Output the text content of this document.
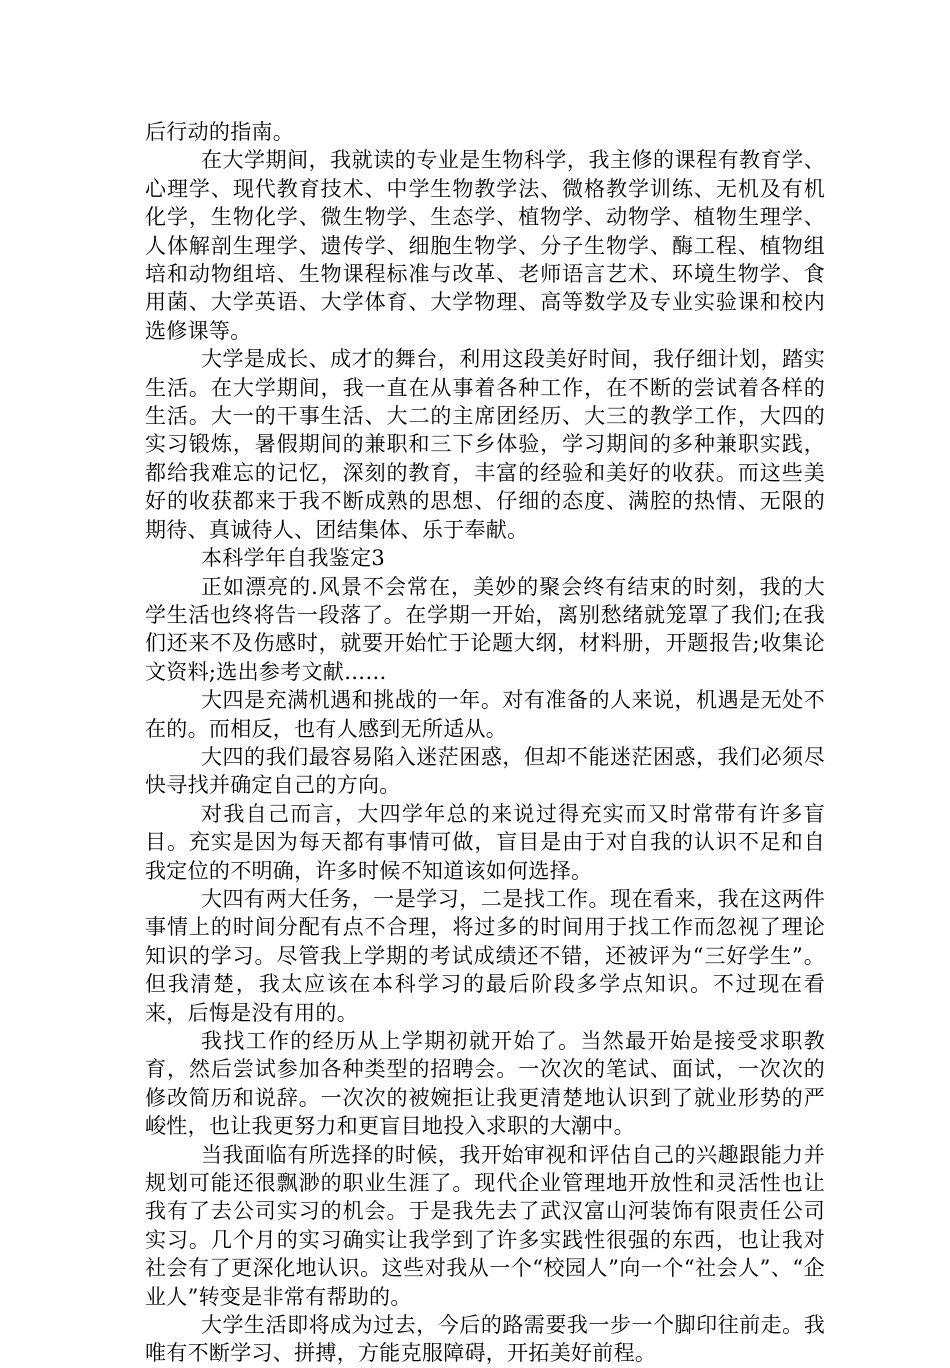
后行动的指南。

在大学期间，我就读的专业是生物科学，我主修的课程有教育学、心理学、现代教育技术、中学生物教学法、微格教学训练、无机及有机化学，生物化学、微生物学、生态学、植物学、动物学、植物生理学、人体解剖生理学、遗传学、细胞生物学、分子生物学、酶工程、植物组培和动物组培、生物课程标准与改革、老师语言艺术、环境生物学、食用菌、大学英语、大学体育、大学物理、高等数学及专业实验课和校内选修课等。

大学是成长、成才的舞台，利用这段美好时间，我仔细计划，踏实生活。在大学期间，我一直在从事着各种工作，在不断的尝试着各样的生活。大一的干事生活、大二的主席团经历、大三的教学工作，大四的实习锻炼，暑假期间的兼职和三下乡体验，学习期间的多种兼职实践，都给我难忘的记忆，深刻的教育，丰富的经验和美好的收获。而这些美好的收获都来于我不断成熟的思想、仔细的态度、满腔的热情、无限的期待、真诚待人、团结集体、乐于奉献。

本科学年自我鉴定3

正如漂亮的.风景不会常在，美妙的聚会终有结束的时刻，我的大学生活也终将告一段落了。在学期一开始，离别愁绪就笼罩了我们;在我们还来不及伤感时，就要开始忙于论题大纲，材料册，开题报告;收集论文资料;选出参考文献……

大四是充满机遇和挑战的一年。对有准备的人来说，机遇是无处不在的。而相反，也有人感到无所适从。

大四的我们最容易陷入迷茫困惑，但却不能迷茫困惑，我们必须尽快寻找并确定自己的方向。

对我自己而言，大四学年总的来说过得充实而又时常带有许多盲目。充实是因为每天都有事情可做，盲目是由于对自我的认识不足和自我定位的不明确，许多时候不知道该如何选择。

大四有两大任务，一是学习，二是找工作。现在看来，我在这两件事情上的时间分配有点不合理，将过多的时间用于找工作而忽视了理论知识的学习。尽管我上学期的考试成绩还不错，还被评为“三好学生”。但我清楚，我太应该在本科学习的最后阶段多学点知识。不过现在看来，后悔是没有用的。

我找工作的经历从上学期初就开始了。当然最开始是接受求职教育，然后尝试参加各种类型的招聘会。一次次的笔试、面试，一次次的修改简历和说辞。一次次的被婉拒让我更清楚地认识到了就业形势的严峻性，也让我更努力和更盲目地投入求职的大潮中。

当我面临有所选择的时候，我开始审视和评估自己的兴趣跟能力并规划可能还很飘渺的职业生涯了。现代企业管理地开放性和灵活性也让我有了去公司实习的机会。于是我先去了武汉富山河装饰有限责任公司实习。几个月的实习确实让我学到了许多实践性很强的东西，也让我对社会有了更深化地认识。这些对我从一个“校园人”向一个“社会人”、“企业人”转变是非常有帮助的。

大学生活即将成为过去，今后的路需要我一步一个脚印往前走。我唯有不断学习、拼搏，方能克服障碍，开拓美好前程。
